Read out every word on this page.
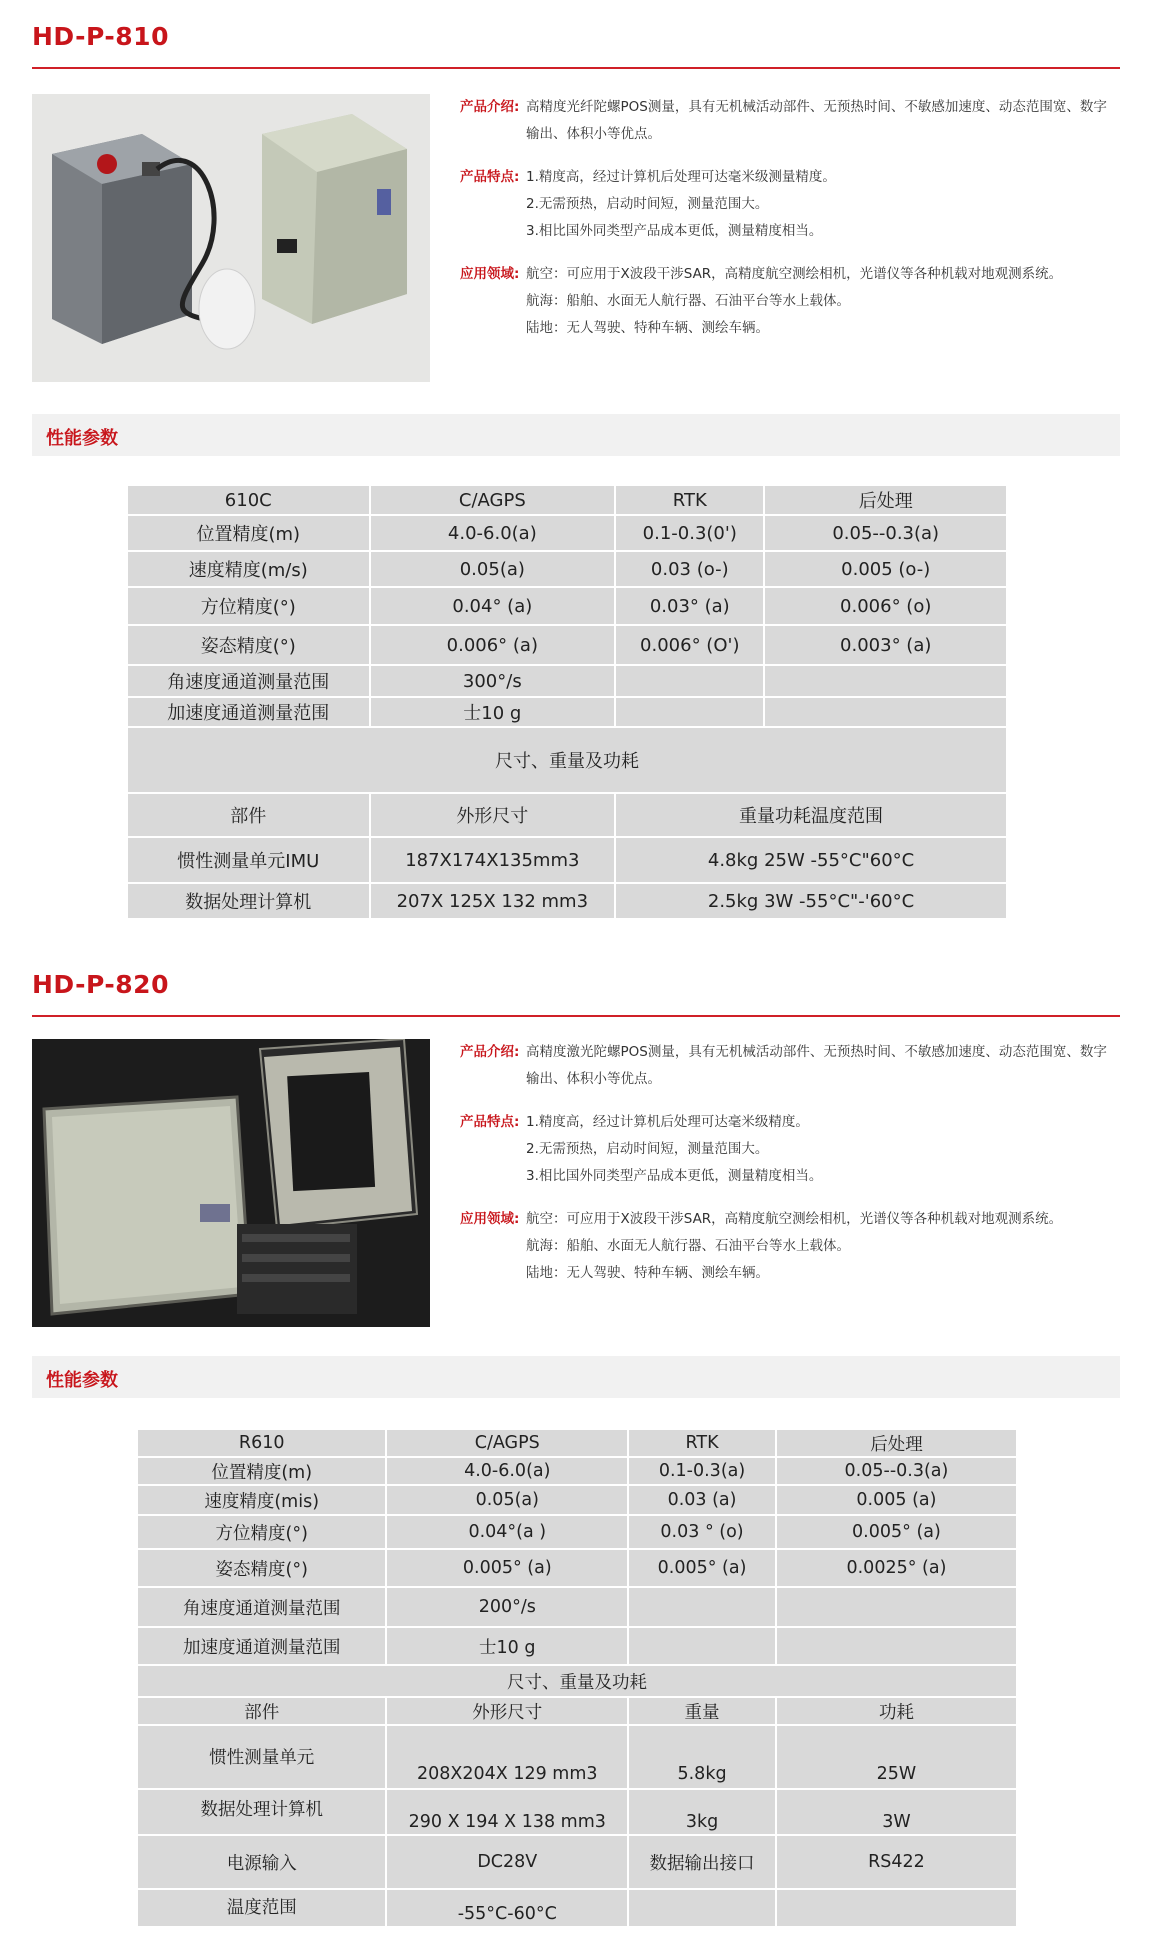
HD-P-810
产品介绍: 高精度光纤陀螺POS测量，具有无机械活动部件、无预热时间、不敏感加速度、动态范围宽、数字输出、体积小等优点。
产品特点: 1.精度高，经过计算机后处理可达毫米级测量精度。
2.无需预热，启动时间短，测量范围大。
3.相比国外同类型产品成本更低，测量精度相当。
应用领域: 航空：可应用于X波段干涉SAR，高精度航空测绘相机，光谱仪等各种机载对地观测系统。
航海：船舶、水面无人航行器、石油平台等水上载体。
陆地：无人驾驶、特种车辆、测绘车辆。
性能参数
610C	C/AGPS	RTK	后处理
位置精度(m)	4.0-6.0(a)	0.1-0.3(0')	0.05--0.3(a)
速度精度(m/s)	0.05(a)	0.03 (o-)	0.005 (o-)
方位精度(°)	0.04° (a)	0.03° (a)	0.006° (o)
姿态精度(°)	0.006° (a)	0.006° (O')	0.003° (a)
角速度通道测量范围	300°/s		
加速度通道测量范围	士10 g		
尺寸、重量及功耗			
部件	外形尺寸	重量功耗温度范围	
惯性测量单元IMU	187X174X135mm3	4.8kg 25W -55°C"60°C	
数据处理计算机	207X 125X 132 mm3	2.5kg 3W -55°C"-'60°C	
HD-P-820
产品介绍: 高精度激光陀螺POS测量，具有无机械活动部件、无预热时间、不敏感加速度、动态范围宽、数字输出、体积小等优点。
产品特点: 1.精度高，经过计算机后处理可达毫米级精度。
2.无需预热，启动时间短，测量范围大。
3.相比国外同类型产品成本更低，测量精度相当。
应用领域: 航空：可应用于X波段干涉SAR，高精度航空测绘相机，光谱仪等各种机载对地观测系统。
航海：船舶、水面无人航行器、石油平台等水上载体。
陆地：无人驾驶、特种车辆、测绘车辆。
性能参数
R610	C/AGPS	RTK	后处理
位置精度(m)	4.0-6.0(a)	0.1-0.3(a)	0.05--0.3(a)
速度精度(mis)	0.05(a)	0.03 (a)	0.005 (a)
方位精度(°)	0.04°(a )	0.03 ° (o)	0.005° (a)
姿态精度(°)	0.005° (a)	0.005° (a)	0.0025° (a)
角速度通道测量范围	200°/s		
加速度通道测量范围	士10 g		
尺寸、重量及功耗			
部件	外形尺寸	重量	功耗
惯性测量单元	208X204X 129 mm3	5.8kg	25W
数据处理计算机	290 X 194 X 138 mm3	3kg	3W
电源输入	DC28V	数据输出接口	RS422
温度范围	-55°C-60°C		
